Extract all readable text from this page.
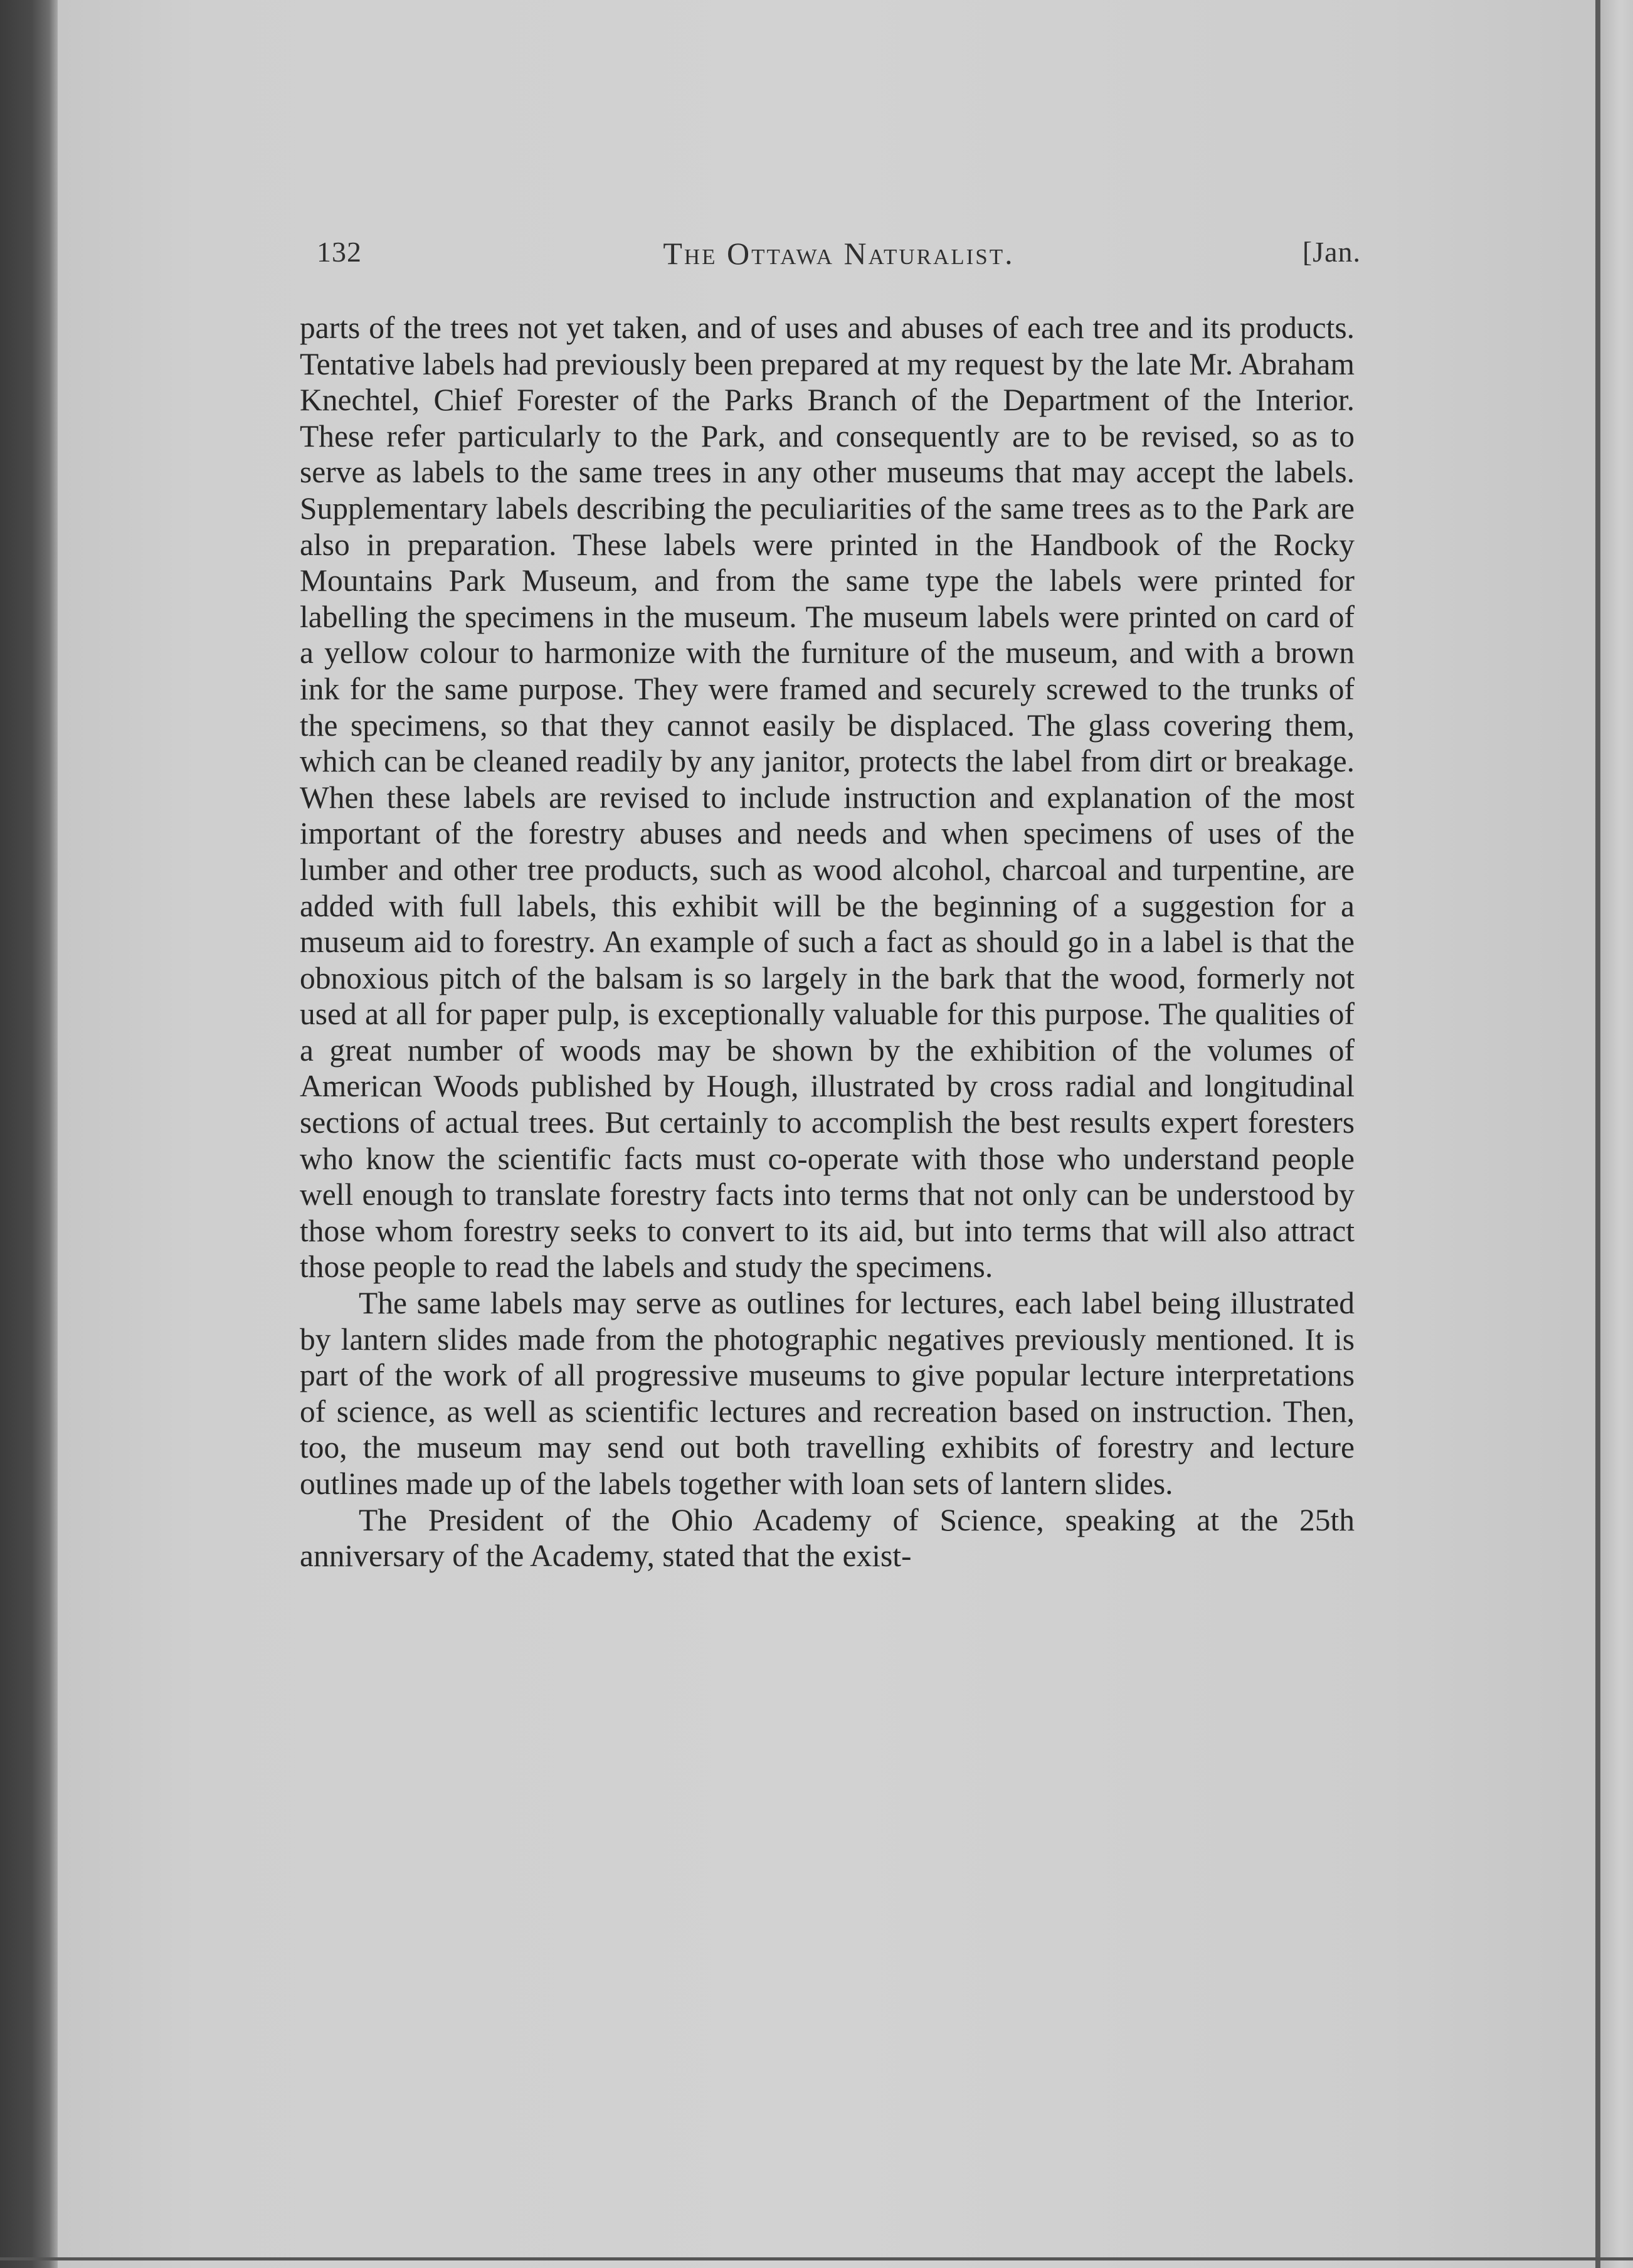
132	The Ottawa Naturalist.	[Jan.

parts of the trees not yet taken, and of uses and abuses of each tree and its products. Tentative labels had previously been prepared at my request by the late Mr. Abraham Knechtel, Chief Forester of the Parks Branch of the Department of the Interior. These refer particularly to the Park, and consequently are to be revised, so as to serve as labels to the same trees in any other museums that may accept the labels. Supplementary labels describing the peculiarities of the same trees as to the Park are also in preparation. These labels were printed in the Handbook of the Rocky Mountains Park Museum, and from the same type the labels were printed for labelling the specimens in the museum. The museum labels were printed on card of a yellow colour to harmonize with the furniture of the museum, and with a brown ink for the same purpose. They were framed and securely screwed to the trunks of the specimens, so that they cannot easily be displaced. The glass covering them, which can be cleaned readily by any janitor, protects the label from dirt or breakage. When these labels are revised to include instruction and explanation of the most important of the forestry abuses and needs and when specimens of uses of the lumber and other tree products, such as wood alcohol, charcoal and turpentine, are added with full labels, this exhibit will be the beginning of a suggestion for a museum aid to forestry. An example of such a fact as should go in a label is that the obnoxious pitch of the balsam is so largely in the bark that the wood, formerly not used at all for paper pulp, is exceptionally valuable for this purpose. The qualities of a great number of woods may be shown by the exhibition of the volumes of American Woods published by Hough, illustrated by cross radial and longitudinal sections of actual trees. But certainly to accomplish the best results expert foresters who know the scientific facts must co-operate with those who understand people well enough to translate forestry facts into terms that not only can be understood by those whom forestry seeks to convert to its aid, but into terms that will also attract those people to read the labels and study the specimens.

The same labels may serve as outlines for lectures, each label being illustrated by lantern slides made from the photographic negatives previously mentioned. It is part of the work of all progressive museums to give popular lecture interpretations of science, as well as scientific lectures and recreation based on instruction. Then, too, the museum may send out both travelling exhibits of forestry and lecture outlines made up of the labels together with loan sets of lantern slides.

The President of the Ohio Academy of Science, speaking at the 25th anniversary of the Academy, stated that the exist-
